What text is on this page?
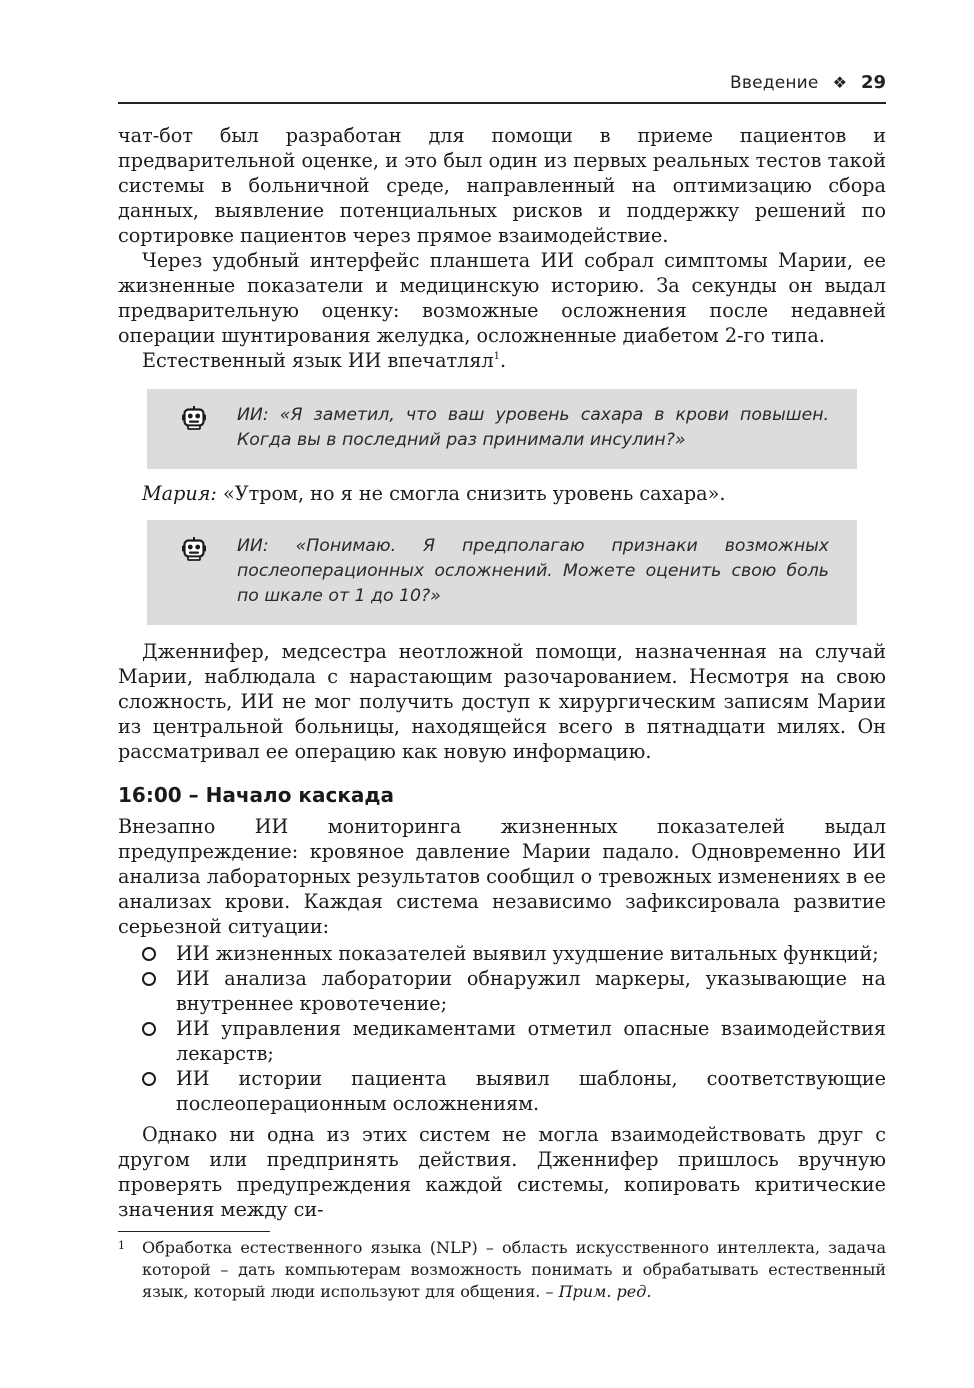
Введение ❖ 29

чат-бот был разработан для помощи в приеме пациентов и предварительной оценке, и это был один из первых реальных тестов такой системы в больничной среде, направленный на оптимизацию сбора данных, выявление потенциальных рисков и поддержку решений по сортировке пациентов через прямое взаимодействие.

Через удобный интерфейс планшета ИИ собрал симптомы Марии, ее жизненные показатели и медицинскую историю. За секунды он выдал предварительную оценку: возможные осложнения после недавней операции шунтирования желудка, осложненные диабетом 2-го типа.

Естественный язык ИИ впечатлял$^1$.

ИИ: «Я заметил, что ваш уровень сахара в крови повышен. Когда вы в последний раз принимали инсулин?»

Мария: «Утром, но я не смогла снизить уровень сахара».

ИИ: «Понимаю. Я предполагаю признаки возможных послеоперационных осложнений. Можете оценить свою боль по шкале от 1 до 10?»

Дженнифер, медсестра неотложной помощи, назначенная на случай Марии, наблюдала с нарастающим разочарованием. Несмотря на свою сложность, ИИ не мог получить доступ к хирургическим записям Марии из центральной больницы, находящейся всего в пятнадцати милях. Он рассматривал ее операцию как новую информацию.

16:00 – Начало каскада

Внезапно ИИ мониторинга жизненных показателей выдал предупреждение: кровяное давление Марии падало. Одновременно ИИ анализа лабораторных результатов сообщил о тревожных изменениях в ее анализах крови. Каждая система независимо зафиксировала развитие серьезной ситуации:

ИИ жизненных показателей выявил ухудшение витальных функций;
ИИ анализа лаборатории обнаружил маркеры, указывающие на внутреннее кровотечение;
ИИ управления медикаментами отметил опасные взаимодействия лекарств;
ИИ истории пациента выявил шаблоны, соответствующие послеоперационным осложнениям.

Однако ни одна из этих систем не могла взаимодействовать друг с другом или предпринять действия. Дженнифер пришлось вручную проверять предупреждения каждой системы, копировать критические значения между си-

1	Обработка естественного языка (NLP) – область искусственного интеллекта, задача которой – дать компьютерам возможность понимать и обрабатывать естественный язык, который люди используют для общения. – Прим. ред.
